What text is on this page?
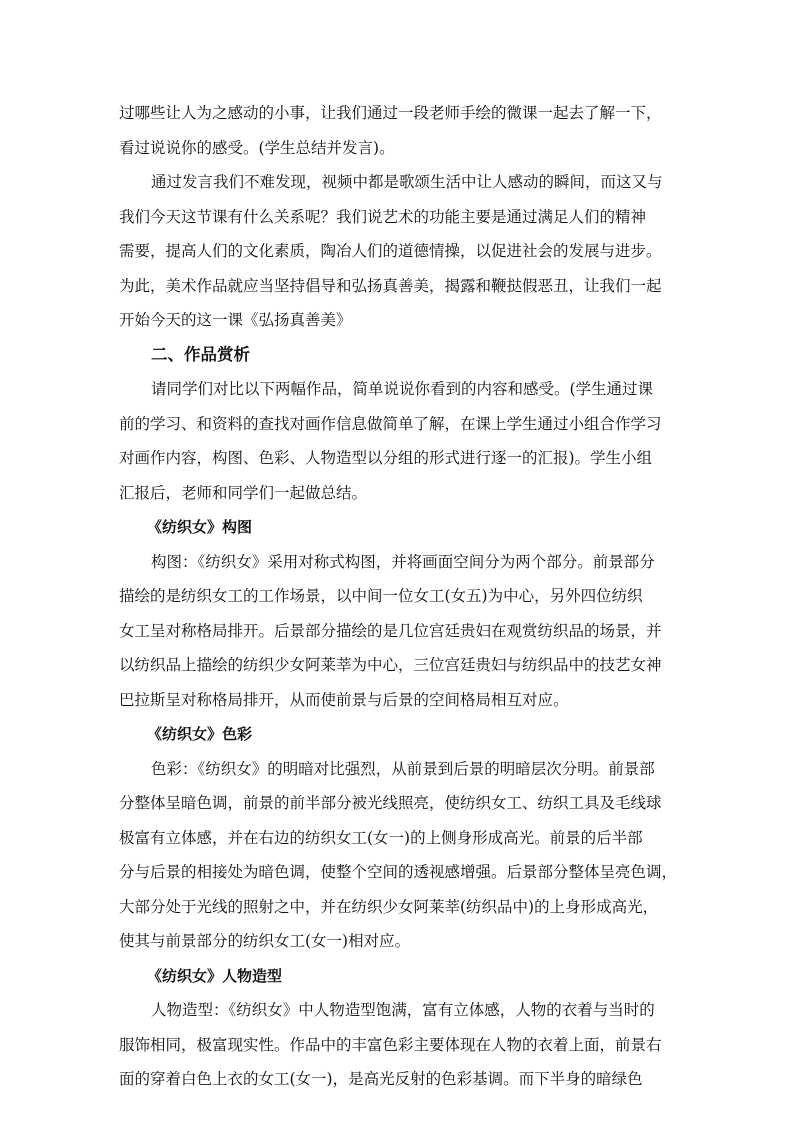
过哪些让人为之感动的小事，让我们通过一段老师手绘的微课一起去了解一下，
看过说说你的感受。(学生总结并发言)。
通过发言我们不难发现，视频中都是歌颂生活中让人感动的瞬间，而这又与
我们今天这节课有什么关系呢？我们说艺术的功能主要是通过满足人们的精神
需要，提高人们的文化素质，陶冶人们的道德情操，以促进社会的发展与进步。
为此，美术作品就应当坚持倡导和弘扬真善美，揭露和鞭挞假恶丑，让我们一起
开始今天的这一课《弘扬真善美》
二、作品赏析
请同学们对比以下两幅作品，简单说说你看到的内容和感受。(学生通过课
前的学习、和资料的查找对画作信息做简单了解，在课上学生通过小组合作学习
对画作内容，构图、色彩、人物造型以分组的形式进行逐一的汇报)。学生小组
汇报后，老师和同学们一起做总结。
《纺织女》构图
构图：《纺织女》采用对称式构图，并将画面空间分为两个部分。前景部分
描绘的是纺织女工的工作场景，以中间一位女工(女五)为中心，另外四位纺织
女工呈对称格局排开。后景部分描绘的是几位宫廷贵妇在观赏纺织品的场景，并
以纺织品上描绘的纺织少女阿莱莘为中心，三位宫廷贵妇与纺织品中的技艺女神
巴拉斯呈对称格局排开，从而使前景与后景的空间格局相互对应。
《纺织女》色彩
色彩：《纺织女》的明暗对比强烈，从前景到后景的明暗层次分明。前景部
分整体呈暗色调，前景的前半部分被光线照亮，使纺织女工、纺织工具及毛线球
极富有立体感，并在右边的纺织女工(女一)的上侧身形成高光。前景的后半部
分与后景的相接处为暗色调，使整个空间的透视感增强。后景部分整体呈亮色调，
大部分处于光线的照射之中，并在纺织少女阿莱莘(纺织品中)的上身形成高光，
使其与前景部分的纺织女工(女一)相对应。
《纺织女》人物造型
人物造型：《纺织女》中人物造型饱满，富有立体感，人物的衣着与当时的
服饰相同，极富现实性。作品中的丰富色彩主要体现在人物的衣着上面，前景右
面的穿着白色上衣的女工(女一)，是高光反射的色彩基调。而下半身的暗绿色
